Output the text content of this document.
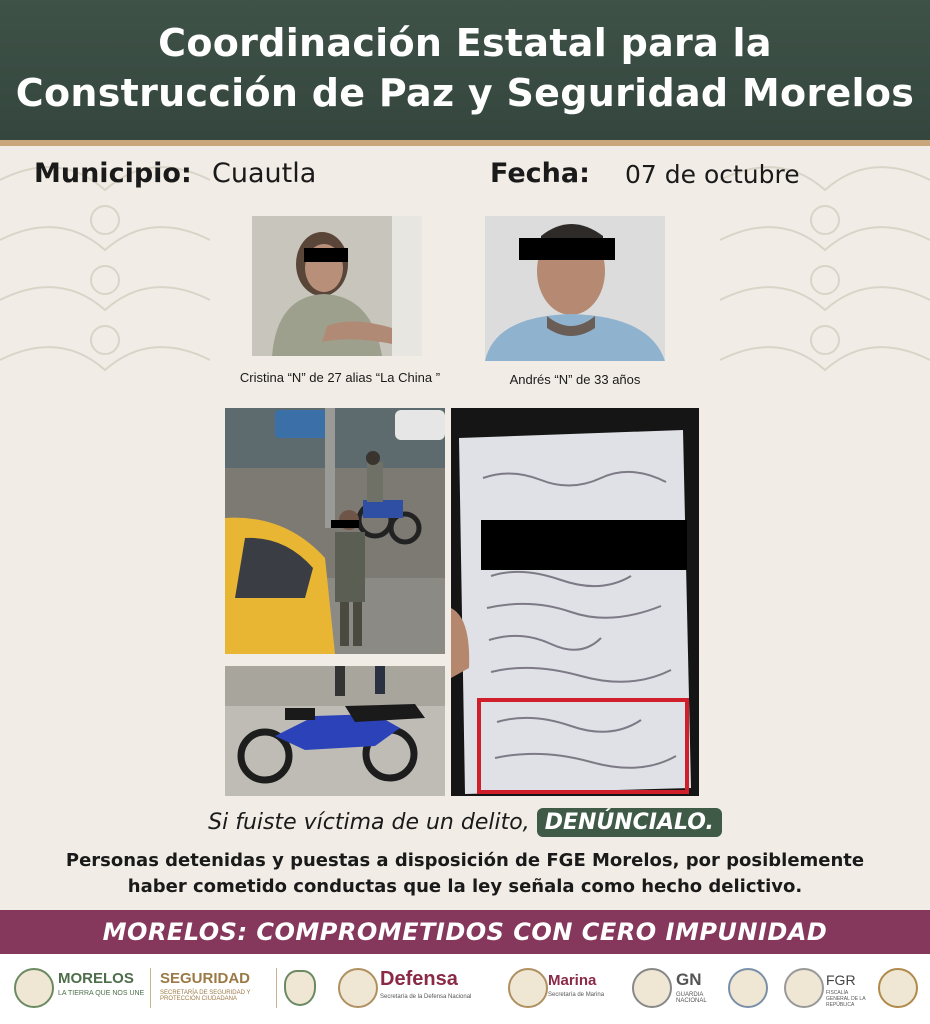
Coordinación Estatal para la
Construcción de Paz y Seguridad Morelos
Municipio: Cuautla	Fecha: 07 de octubre
Cristina “N” de 27 alias “La China ”	Andrés “N” de 33 años
Si fuiste víctima de un delito, DENÚNCIALO.
Personas detenidas y puestas a disposición de FGE Morelos, por posiblemente
haber cometido conductas que la ley señala como hecho delictivo.
MORELOS: COMPROMETIDOS CON CERO IMPUNIDAD
MORELOS
LA TIERRA QUE NOS UNE
SEGURIDAD
SECRETARÍA DE SEGURIDAD Y PROTECCIÓN CIUDADANA
Defensa
Secretaría de la Defensa Nacional
Marina
Secretaría de Marina
GN
GUARDIA NACIONAL
FGR
FISCALÍA GENERAL DE LA REPÚBLICA
